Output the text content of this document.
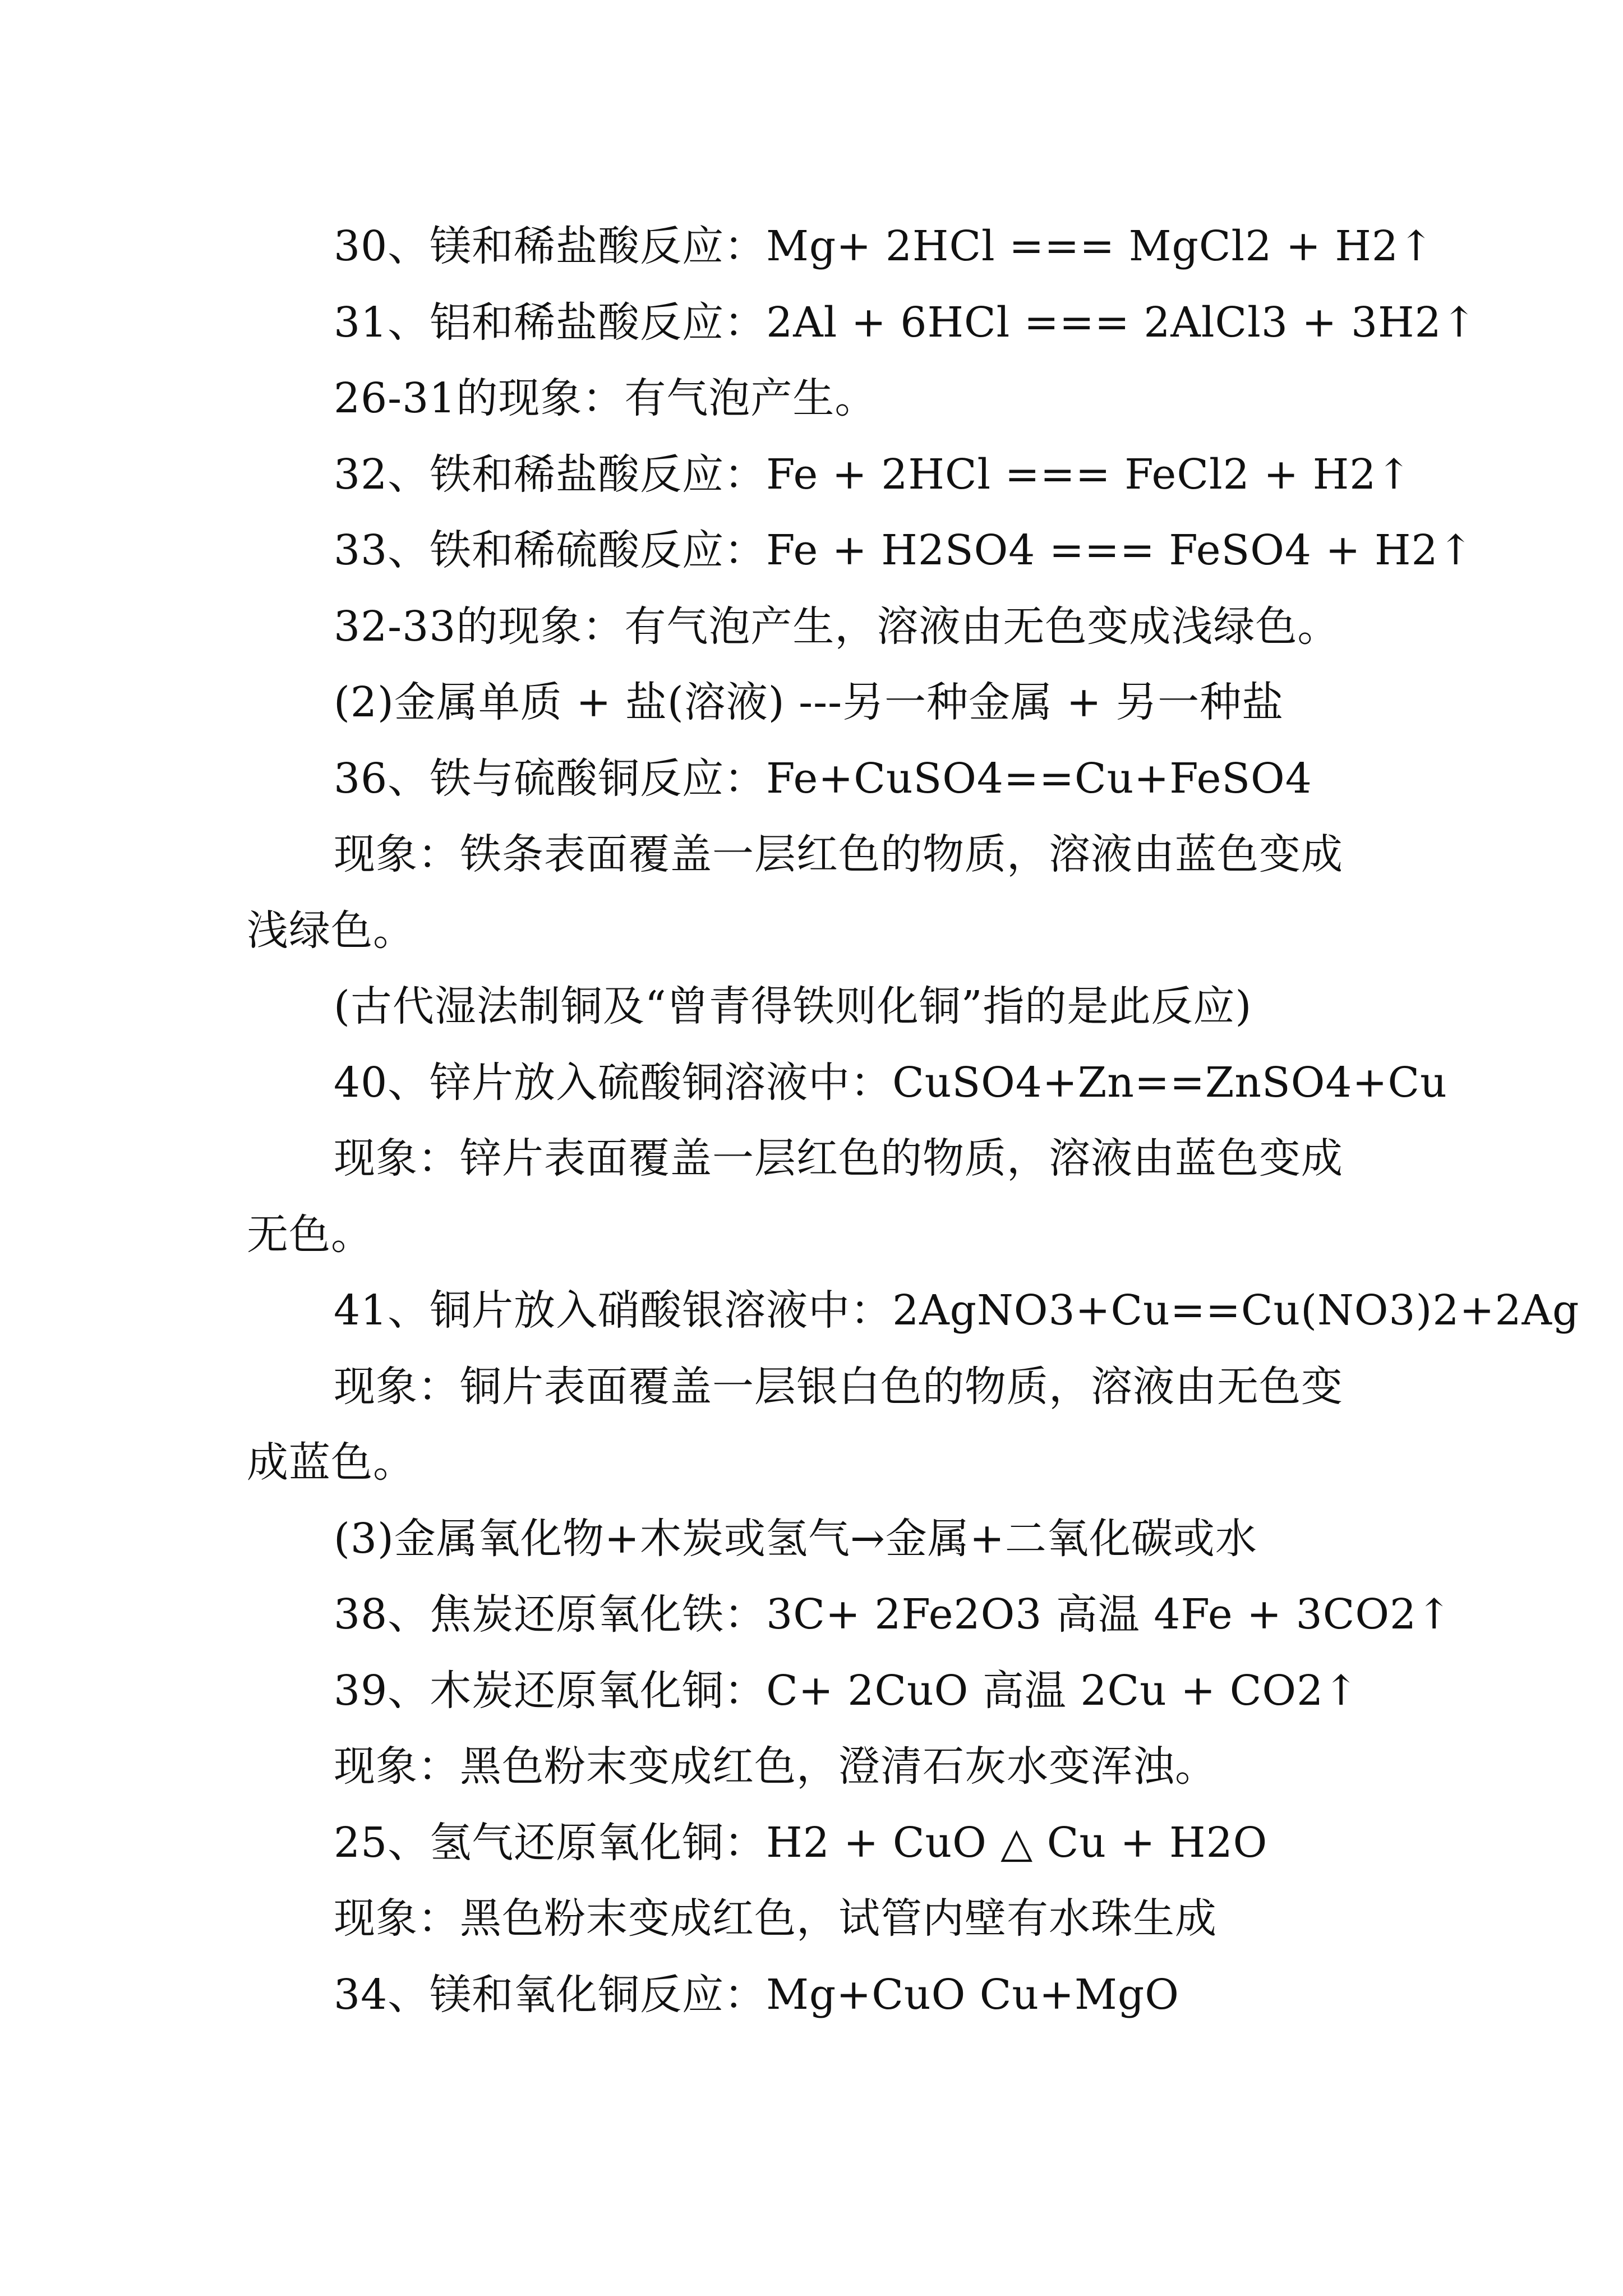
30、镁和稀盐酸反应：Mg+ 2HCl === MgCl2 + H2↑
31、铝和稀盐酸反应：2Al + 6HCl === 2AlCl3 + 3H2↑
26-31的现象：有气泡产生。
32、铁和稀盐酸反应：Fe + 2HCl === FeCl2 + H2↑
33、铁和稀硫酸反应：Fe + H2SO4 === FeSO4 + H2↑
32-33的现象：有气泡产生，溶液由无色变成浅绿色。
(2)金属单质 + 盐(溶液) ---另一种金属 + 另一种盐
36、铁与硫酸铜反应：Fe+CuSO4==Cu+FeSO4
现象：铁条表面覆盖一层红色的物质，溶液由蓝色变成
浅绿色。
(古代湿法制铜及“曾青得铁则化铜”指的是此反应)
40、锌片放入硫酸铜溶液中：CuSO4+Zn==ZnSO4+Cu
现象：锌片表面覆盖一层红色的物质，溶液由蓝色变成
无色。
41、铜片放入硝酸银溶液中：2AgNO3+Cu==Cu(NO3)2+2Ag
现象：铜片表面覆盖一层银白色的物质，溶液由无色变
成蓝色。
(3)金属氧化物+木炭或氢气→金属+二氧化碳或水
38、焦炭还原氧化铁：3C+ 2Fe2O3 高温 4Fe + 3CO2↑
39、木炭还原氧化铜：C+ 2CuO 高温 2Cu + CO2↑
现象：黑色粉末变成红色，澄清石灰水变浑浊。
25、氢气还原氧化铜：H2 + CuO △ Cu + H2O
现象：黑色粉末变成红色，试管内壁有水珠生成
34、镁和氧化铜反应：Mg+CuO Cu+MgO
